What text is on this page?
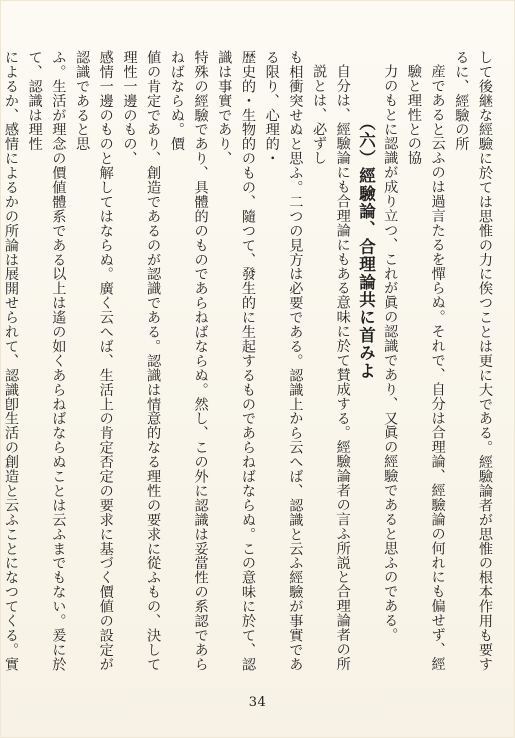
して後継な經驗に於ては思惟の力に俟つことは更に大である。經驗論者が思惟の根本作用も要するに、經驗の所
産であると云ふのは過言たるを憚らぬ。それで、自分は合理論、經驗論の何れにも偏せず、經驗と理性との協
力のもとに認識が成り立つ、これが眞の認識であり、又眞の經驗であると思ふのである。
（六）經驗論、合理論共に首みよ
自分は、經驗論にも合理論にもある意味に於て賛成する。經驗論者の言ふ所説と合理論者の所説とは、必ずし
も相衝突せぬと思ふ。二つの見方は必要である。認識上から云へば、認識と云ふ經驗が事實である限り、心理的・
歴史的・生物的のもの、隨つて、發生的に生起するものであらねばならぬ。この意味に於て、認識は事實であり、
特殊の經驗であり、具體的のものであらねばならぬ。然し、この外に認識は妥當性の系認であらねばならぬ。價
値の肯定であり、創造であるのが認識である。認識は情意的なる理性の要求に從ふもの、決して理性一邊のもの、
感情一邊のものと解してはならぬ。廣く云へば、生活上の肯定否定の要求に基づく價値の設定が認識であると思
ふ。生活が理念の價値體系である以上は遙の如くあらねばならぬことは云ふまでもない。爰に於て、認識は理性
によるか、感情によるかの所論は展開せられて、認識卽生活の創造と云ふことになつてくる。實
34
